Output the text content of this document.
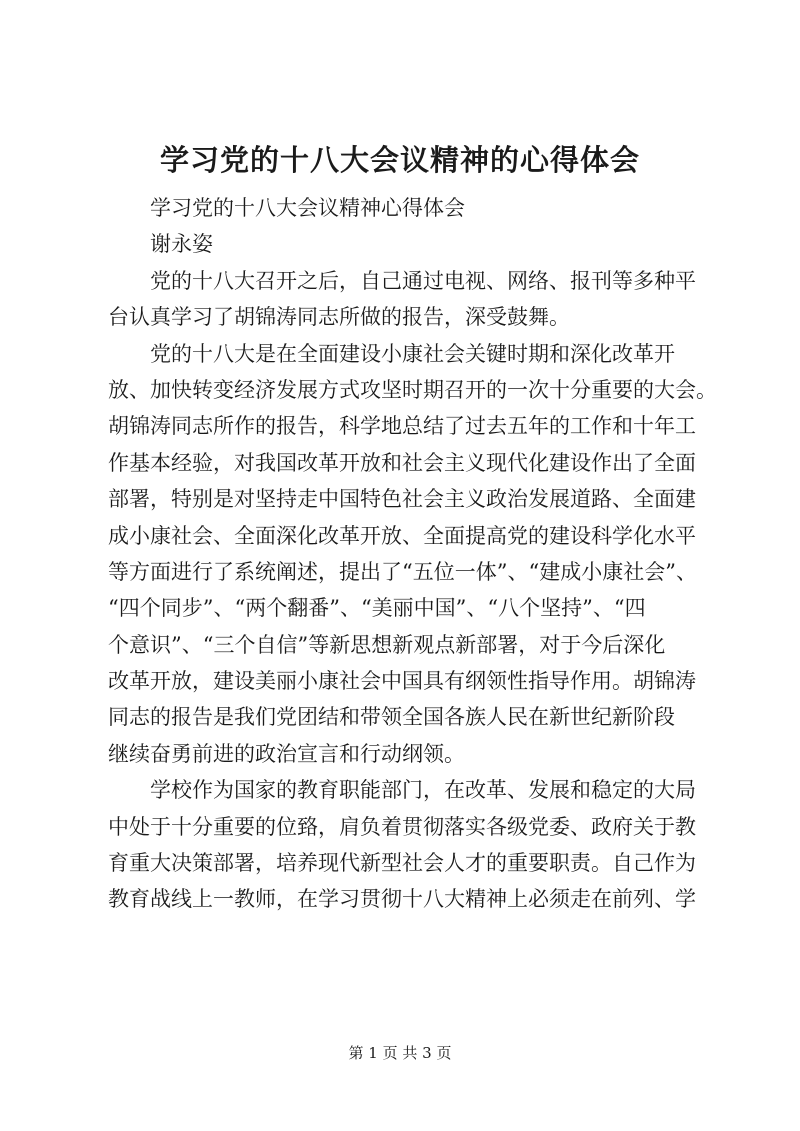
学习党的十八大会议精神的心得体会
学习党的十八大会议精神心得体会
谢永姿
党的十八大召开之后，自己通过电视、网络、报刊等多种平
台认真学习了胡锦涛同志所做的报告，深受鼓舞。
党的十八大是在全面建设小康社会关键时期和深化改革开
放、加快转变经济发展方式攻坚时期召开的一次十分重要的大会。
胡锦涛同志所作的报告，科学地总结了过去五年的工作和十年工
作基本经验，对我国改革开放和社会主义现代化建设作出了全面
部署，特别是对坚持走中国特色社会主义政治发展道路、全面建
成小康社会、全面深化改革开放、全面提高党的建设科学化水平
等方面进行了系统阐述，提出了“五位一体”、“建成小康社会”、
“四个同步”、“两个翻番”、“美丽中国”、“八个坚持”、“四
个意识”、“三个自信”等新思想新观点新部署，对于今后深化
改革开放，建设美丽小康社会中国具有纲领性指导作用。胡锦涛
同志的报告是我们党团结和带领全国各族人民在新世纪新阶段
继续奋勇前进的政治宣言和行动纲领。
学校作为国家的教育职能部门，在改革、发展和稳定的大局
中处于十分重要的位臵，肩负着贯彻落实各级党委、政府关于教
育重大决策部署，培养现代新型社会人才的重要职责。自己作为
教育战线上一教师，在学习贯彻十八大精神上必须走在前列、学
第 1 页 共 3 页
